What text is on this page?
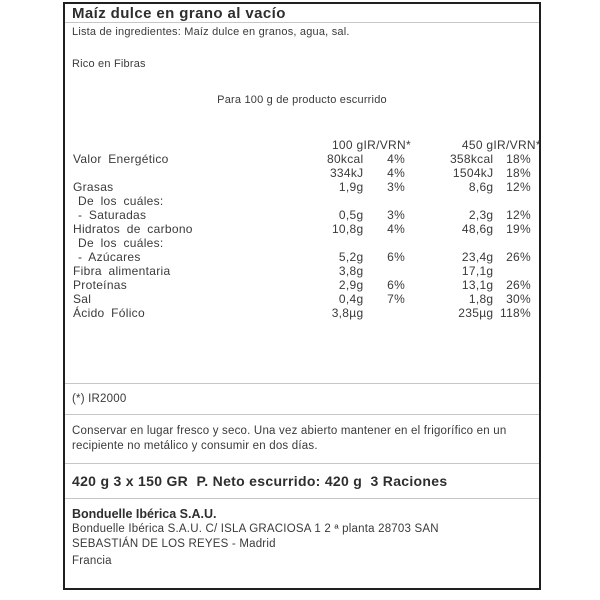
Maíz dulce en grano al vacío
Lista de ingredientes: Maíz dulce en granos, agua, sal.
Rico en Fibras
Para 100 g de producto escurrido
	100 g	IR/VRN*	450 g	IR/VRN*
Valor Energético	80kcal	4%	358kcal	18%
	334kJ	4%	1504kJ	18%
Grasas	1,9g	3%	8,6g	12%
De los cuáles:				
- Saturadas	0,5g	3%	2,3g	12%
Hidratos de carbono	10,8g	4%	48,6g	19%
De los cuáles:				
- Azúcares	5,2g	6%	23,4g	26%
Fibra alimentaria	3,8g		17,1g	
Proteínas	2,9g	6%	13,1g	26%
Sal	0,4g	7%	1,8g	30%
Ácido Fólico	3,8µg		235µg	118%
(*) IR2000
Conservar en lugar fresco y seco. Una vez abierto mantener en el frigorífico en un recipiente no metálico y consumir en dos días.
420 g 3 x 150 GR  P. Neto escurrido: 420 g  3 Raciones
Bonduelle Ibérica S.A.U.
Bonduelle Ibérica S.A.U. C/ ISLA GRACIOSA 1 2 ª planta 28703 SAN SEBASTIÁN DE LOS REYES - Madrid
Francia
